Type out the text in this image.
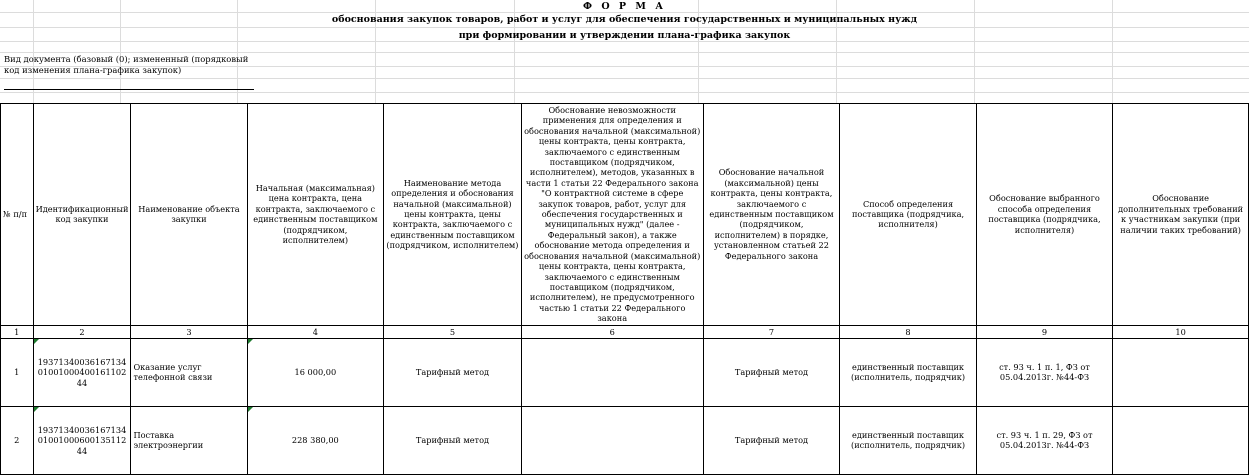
Ф О Р М А
обоснования закупок товаров, работ и услуг для обеспечения государственных и муниципальных нужд
при формировании и утверждении плана-графика закупок
Вид документа (базовый (0); измененный (порядковый код изменения плана-графика закупок)
№ п/п	Идентификационный код закупки	Наименование объекта закупки	Начальная (максимальная) цена контракта, цена контракта, заключаемого с единственным поставщиком (подрядчиком, исполнителем)	Наименование метода определения и обоснования начальной (максимальной) цены контракта, цены контракта, заключаемого с единственным поставщиком (подрядчиком, исполнителем)	Обоснование невозможности применения для определения и обоснования начальной (максимальной) цены контракта, цены контракта, заключаемого с единственным поставщиком (подрядчиком, исполнителем), методов, указанных в части 1 статьи 22 Федерального закона "О контрактной системе в сфере закупок товаров, работ, услуг для обеспечения государственных и муниципальных нужд" (далее - Федеральный закон), а также обоснование метода определения и обоснования начальной (максимальной) цены контракта, цены контракта, заключаемого с единственным поставщиком (подрядчиком, исполнителем), не предусмотренного частью 1 статьи 22 Федерального закона	Обоснование начальной (максимальной) цены контракта, цены контракта, заключаемого с единственным поставщиком (подрядчиком, исполнителем) в порядке, установленном статьей 22 Федерального закона	Способ определения поставщика (подрядчика, исполнителя)	Обоснование выбранного способа определения поставщика (подрядчика, исполнителя)	Обоснование дополнительных требований к участникам закупки (при наличии таких требований)
1	2	3	4	5	6	7	8	9	10
1	193713400361671340100100040016110244	Оказание услуг телефонной связи	16 000,00	Тарифный метод		Тарифный метод	единственный поставщик (исполнитель, подрядчик)	ст. 93 ч. 1 п. 1, ФЗ от 05.04.2013г. №44-ФЗ	
2	193713400361671340100100060013511244	Поставка электроэнергии	228 380,00	Тарифный метод		Тарифный метод	единственный поставщик (исполнитель, подрядчик)	ст. 93 ч. 1 п. 29, ФЗ от 05.04.2013г. №44-ФЗ	
